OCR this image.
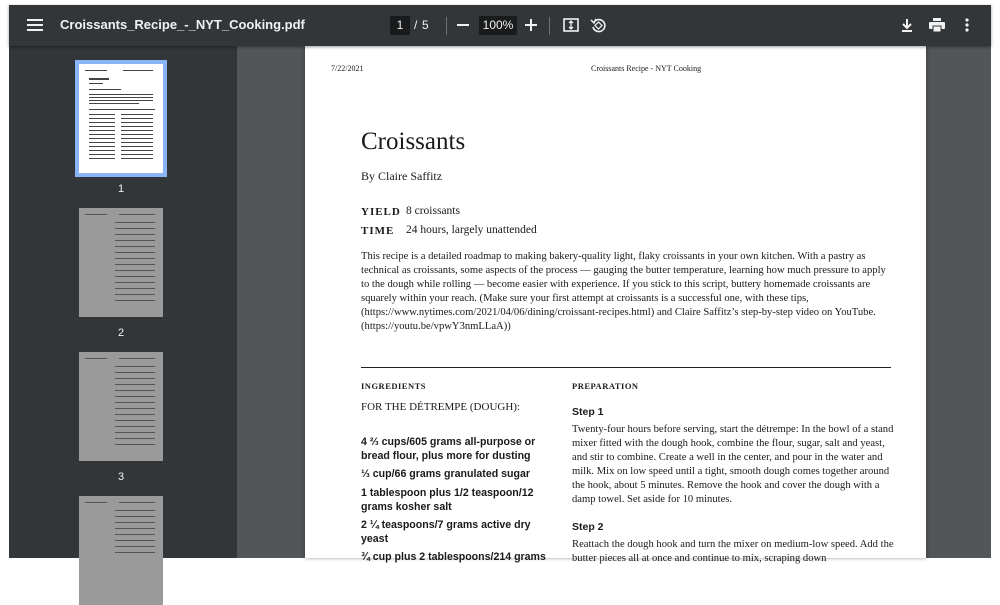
Croissants_Recipe_-_NYT_Cooking.pdf	1 / 5	100%
1
2
3
7/22/2021	Croissants Recipe - NYT Cooking
Croissants
By Claire Saffitz
YIELD 8 croissants
TIME 24 hours, largely unattended

This recipe is a detailed roadmap to making bakery-quality light, flaky croissants in your own kitchen. With a pastry as technical as croissants, some aspects of the process — gauging the butter temperature, learning how much pressure to apply to the dough while rolling — become easier with experience. If you stick to this script, buttery homemade croissants are squarely within your reach. (Make sure your first attempt at croissants is a successful one, with these tips, (https://www.nytimes.com/2021/04/06/dining/croissant-recipes.html) and Claire Saffitz’s step-by-step video on YouTube. (https://youtu.be/vpwY3nmLLaA))

INGREDIENTS	PREPARATION
FOR THE DÉTREMPE (DOUGH):
4 ⅔ cups/605 grams all-purpose or bread flour, plus more for dusting
⅓ cup/66 grams granulated sugar
1 tablespoon plus 1/2 teaspoon/12 grams kosher salt
2 ¼ teaspoons/7 grams active dry yeast
¾ cup plus 2 tablespoons/214 grams
Step 1

Twenty-four hours before serving, start the détrempe: In the bowl of a stand mixer fitted with the dough hook, combine the flour, sugar, salt and yeast, and stir to combine. Create a well in the center, and pour in the water and milk. Mix on low speed until a tight, smooth dough comes together around the hook, about 5 minutes. Remove the hook and cover the dough with a damp towel. Set aside for 10 minutes.

Step 2

Reattach the dough hook and turn the mixer on medium-low speed. Add the butter pieces all at once and continue to mix, scraping down
